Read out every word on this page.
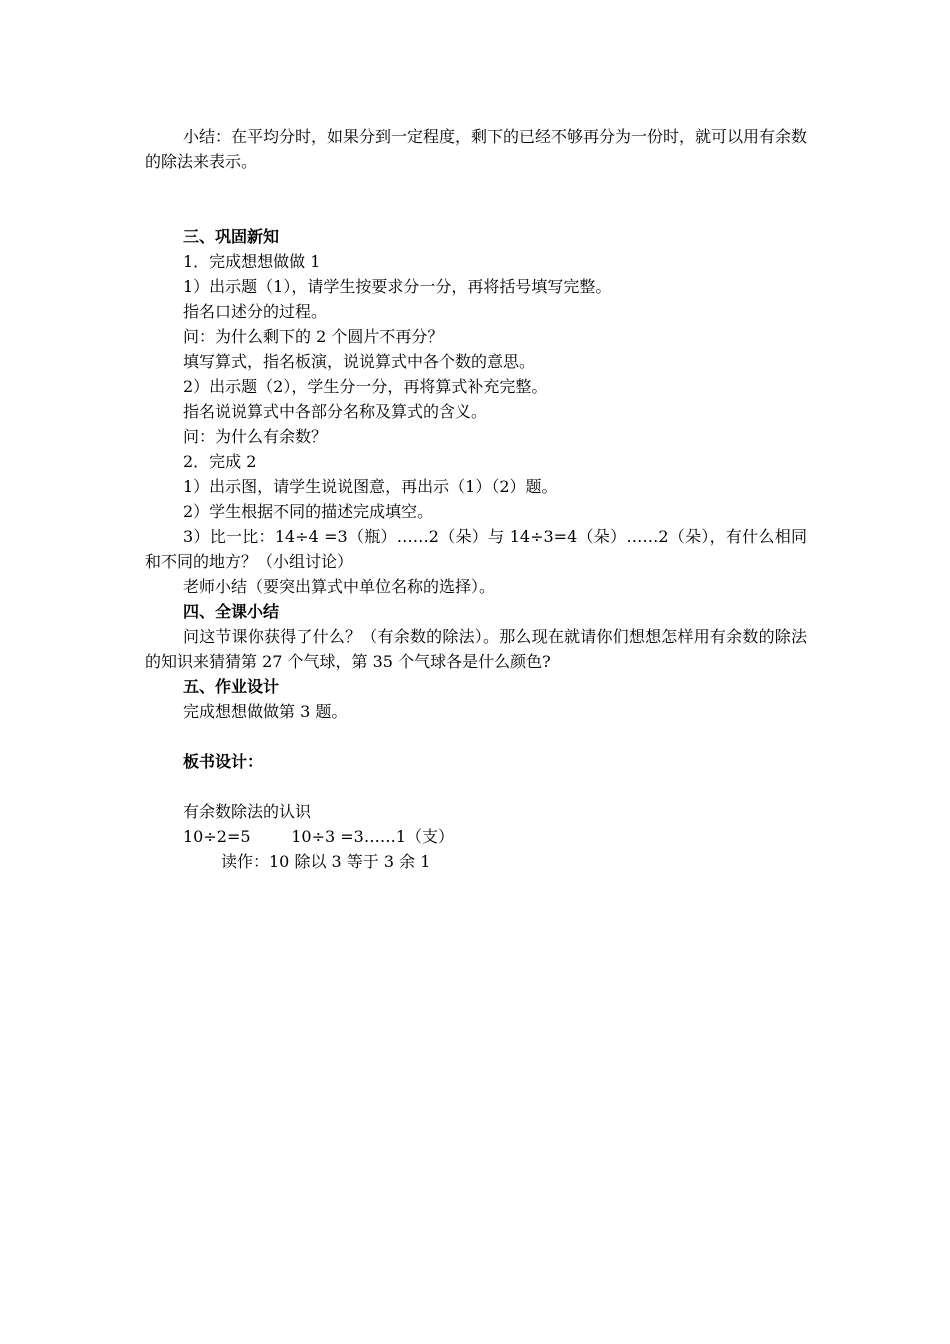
小结：在平均分时，如果分到一定程度，剩下的已经不够再分为一份时，就可以用有余数的除法来表示。

三、巩固新知

1．完成想想做做 1

1）出示题（1），请学生按要求分一分，再将括号填写完整。

指名口述分的过程。

问：为什么剩下的 2 个圆片不再分？

填写算式，指名板演，说说算式中各个数的意思。

2）出示题（2），学生分一分，再将算式补充完整。

指名说说算式中各部分名称及算式的含义。

问：为什么有余数？

2．完成 2

1）出示图，请学生说说图意，再出示（1）（2）题。

2）学生根据不同的描述完成填空。

3）比一比：14÷4 =3（瓶）……2（朵）与 14÷3=4（朵）……2（朵），有什么相同和不同的地方？（小组讨论）

老师小结（要突出算式中单位名称的选择）。

四、全课小结

问这节课你获得了什么？（有余数的除法）。那么现在就请你们想想怎样用有余数的除法的知识来猜猜第 27 个气球，第 35 个气球各是什么颜色?

五、作业设计

完成想想做做第 3 题。

板书设计：

有余数除法的认识

10÷2=5        10÷3 =3……1（支）

读作：10 除以 3 等于 3 余 1
